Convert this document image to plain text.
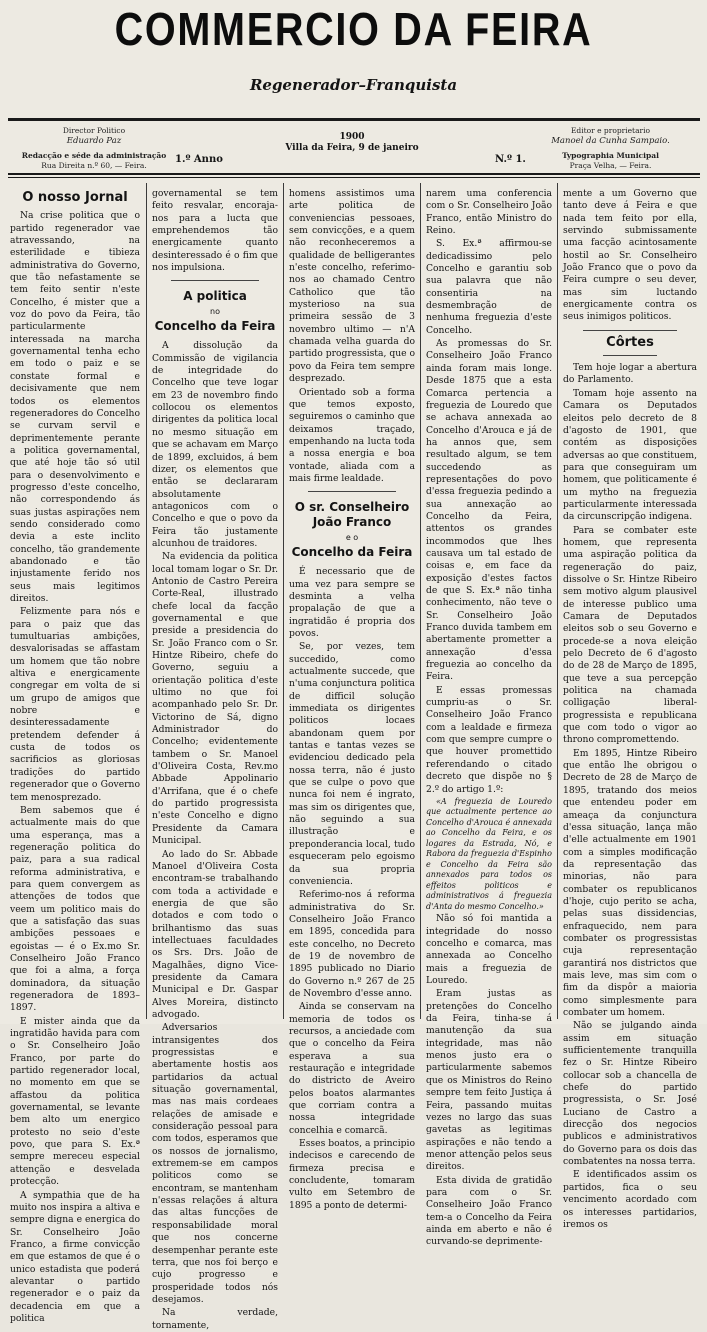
COMMERCIO DA FEIRA
Regenerador–Franquista
Director Politico
Eduardo Paz
Redacção e séde da administração
Rua Direita n.º 60, — Feira.
1900
Villa da Feira, 9 de janeiro
1.º Anno	N.º 1.
Editor e proprietario
Manoel da Cunha Sampaio.
Typographia Municipal
Praça Velha, — Feira.
O nosso Jornal

Na crise politica que o partido regenerador vae atravessando, na esterilidade e tibieza administrativa do Governo, que tão nefastamente se tem feito sentir n'este Concelho, é mister que a voz do povo da Feira, tão particularmente interessada na marcha governamental tenha echo em todo o paiz e se constate formal e decisivamente que nem todos os elementos regeneradores do Concelho se curvam servil e deprimentemente perante a politica governamental, que até hoje tão só util para o desenvolvimento e progresso d'este concelho, não correspondendo ás suas justas aspirações nem sendo considerado como devia a este inclito concelho, tão grandemente abandonado e tão injustamente ferido nos seus mais legitimos direitos.

Felizmente para nós e para o paiz que das tumultuarias ambições, desvalorisadas se affastam um homem que tão nobre altiva e energicamente congregar em volta de si um grupo de amigos que nobre e desinteressadamente pretendem defender á custa de todos os sacrificios as gloriosas tradições do partido regenerador que o Governo tem menosprezado.

Bem sabemos que é actualmente mais do que uma esperança, mas a regeneração politica do paiz, para a sua radical reforma administrativa, e para quem convergem as attenções de todos que veem um politico mais do que a satisfação das suas ambições pessoaes e egoistas — é o Ex.mo Sr. Conselheiro João Franco que foi a alma, a força dominadora, da situação regeneradora de 1893–1897.

E mister ainda que da ingratidão havida para com o Sr. Conselheiro João Franco, por parte do partido regenerador local, no momento em que se affastou da politica governamental, se levante bem alto um energico protesto no seio d'este povo, que para S. Ex.ª sempre mereceu especial attenção e desvelada protecção.

A sympathia que de ha muito nos inspira a altiva e sempre digna e energica do Sr. Conselheiro João Franco, a firme convicção em que estamos de que é o unico estadista que poderá alevantar o partido regenerador e o paiz da decadencia em que a politica

governamental se tem feito resvalar, encoraja-nos para a lucta que emprehendemos tão energicamente quanto desinteressado é o fim que nos impulsiona.

A politica
no
Concelho da Feira

A dissolução da Commissão de vigilancia de integridade do Concelho que teve logar em 23 de novembro findo collocou os elementos dirigentes da politica local no mesmo situação em que se achavam em Março de 1899, excluidos, á bem dizer, os elementos que então se declararam absolutamente antagonicos com o Concelho e que o povo da Feira tão justamente alcunhou de traidores.

Na evidencia da politica local tomam logar o Sr. Dr. Antonio de Castro Pereira Corte-Real, illustrado chefe local da facção governamental e que preside a presidencia do Sr. João Franco com o Sr. Hintze Ribeiro, chefe do Governo, seguiu a orientação politica d'este ultimo no que foi acompanhado pelo Sr. Dr. Victorino de Sá, digno Administrador do Concelho; evidentemente tambem o Sr. Manoel d'Oliveira Costa, Rev.mo Abbade Appolinario d'Arrifana, que é o chefe do partido progressista n'este Concelho e digno Presidente da Camara Municipal.

Ao lado do Sr. Abbade Manoel d'Oliveira Costa encontram-se trabalhando com toda a actividade e energia de que são dotados e com todo o brilhantismo das suas intellectuaes faculdades os Srs. Drs. João de Magalhães, digno Vice-presidente da Camara Municipal e Dr. Gaspar Alves Moreira, distincto advogado.

Adversarios intransigentes dos progressistas e abertamente hostis aos partidarios da actual situação governamental, mas nas mais cordeaes relações de amisade e consideração pessoal para com todos, esperamos que os nossos de jornalismo, extremem-se em campos politicos como se encontram, se mantenham n'essas relações á altura das altas funcções de responsabilidade moral que nos concerne desempenhar perante este terra, que nos foi berço e cujo progresso e prosperidade todos nós desejamos.

Na verdade, tornamente,

homens assistimos uma arte politica de conveniencias pessoaes, sem convicções, e a quem não reconheceremos a qualidade de belligerantes n'este concelho, referimo-nos ao chamado Centro Catholico que tão mysterioso na sua primeira sessão de 3 novembro ultimo — n'A chamada velha guarda do partido progressista, que o povo da Feira tem sempre desprezado.

Orientado sob a forma que temos exposto, seguiremos o caminho que deixamos traçado, empenhando na lucta toda a nossa energia e boa vontade, aliada com a mais firme lealdade.

O sr. Conselheiro
João Franco
e o
Concelho da Feira

É necessario que de uma vez para sempre se desminta a velha propalação de que a ingratidão é propria dos povos.

Se, por vezes, tem succedido, como actualmente succede, que n'uma conjunctura politica de difficil solução immediata os dirigentes politicos locaes abandonam quem por tantas e tantas vezes se evidenciou dedicado pela nossa terra, não é justo que se culpe o povo que nunca foi nem é ingrato, mas sim os dirigentes que, não seguindo a sua illustração e preponderancia local, tudo esqueceram pelo egoismo da sua propria conveniencia.

Referimo-nos á reforma administrativa do Sr. Conselheiro João Franco em 1895, concedida para este concelho, no Decreto de 19 de novembro de 1895 publicado no Diario do Governo n.º 267 de 25 de Novembro d'esse anno.

Ainda se conservam na memoria de todos os recursos, a anciedade com que o concelho da Feira esperava a sua restauração e integridade do districto de Aveiro pelos boatos alarmantes que corriam contra a nossa integridade concelhia e comarcã.

Esses boatos, a principio indecisos e carecendo de firmeza precisa e concludente, tomaram vulto em Setembro de 1895 a ponto de determi-

narem uma conferencia com o Sr. Conselheiro João Franco, então Ministro do Reino.

S. Ex.ª affirmou-se dedicadissimo pelo Concelho e garantiu sob sua palavra que não consentiria na desmembração de nenhuma freguezia d'este Concelho.

As promessas do Sr. Conselheiro João Franco ainda foram mais longe. Desde 1875 que a esta Comarca pertencia a freguezia de Louredo que se achava annexada ao Concelho d'Arouca e já de ha annos que, sem resultado algum, se tem succedendo as representações do povo d'essa freguezia pedindo a sua annexação ao Concelho da Feira, attentos os grandes incommodos que lhes causava um tal estado de coisas e, em face da exposição d'estes factos de que S. Ex.ª não tinha conhecimento, não teve o Sr. Conselheiro João Franco duvida tambem em abertamente prometter a annexação d'essa freguezia ao concelho da Feira.

E essas promessas cumpriu-as o Sr. Conselheiro João Franco com a lealdade e firmeza com que sempre cumpre o que houver promettido referendando o citado decreto que dispõe no § 2.º do artigo 1.º:

«A freguezia de Louredo que actualmente pertence ao Concelho d'Arouca é annexada ao Concelho da Feira, e os logares da Estrada, Nó, e Rabora da freguezia d'Espinho e Concelho da Feira são annexados para todos os effeitos politicos e administrativos á freguezia d'Anta do mesmo Concelho.»

Não só foi mantida a integridade do nosso concelho e comarca, mas annexada ao Concelho mais a freguezia de Louredo.

Eram justas as pretenções do Concelho da Feira, tinha-se á manutenção da sua integridade, mas não menos justo era o particularmente sabemos que os Ministros do Reino sempre tem feito Justiça á Feira, passando muitas vezes no largo das suas gavetas as legitimas aspirações e não tendo a menor attenção pelos seus direitos.

Esta divida de gratidão para com o Sr. Conselheiro João Franco tem-a o Concelho da Feira ainda em aberto e não é curvando-se deprimente-

mente a um Governo que tanto deve á Feira e que nada tem feito por ella, servindo submissamente uma facção acintosamente hostil ao Sr. Conselheiro João Franco que o povo da Feira cumpre o seu dever, mas sim luctando energicamente contra os seus inimigos politicos.

Côrtes

Tem hoje logar a abertura do Parlamento.

Tomam hoje assento na Camara os Deputados eleitos pelo decreto de 8 d'agosto de 1901, que contém as disposições adversas ao que constituem, para que conseguiram um homem, que politicamente é um mytho na freguezia particularmente interessada da circunscripção indigena.

Para se combater este homem, que representa uma aspiração politica da regeneração do paiz, dissolve o Sr. Hintze Ribeiro sem motivo algum plausivel de interesse publico uma Camara de Deputados eleitos sob o seu Governo e procede-se a nova eleição pelo Decreto de 6 d'agosto do de 28 de Março de 1895, que teve a sua percepção politica na chamada colligação liberal-progressista e republicana que com todo o vigor ao throno compromettendo.

Em 1895, Hintze Ribeiro que então lhe obrigou o Decreto de 28 de Março de 1895, tratando dos meios que entendeu poder em ameaça da conjunctura d'essa situação, lança mão d'elle actualmente em 1901 com a simples modificação da representação das minorias, não para combater os republicanos d'hoje, cujo perito se acha, pelas suas dissidencias, enfraquecido, nem para combater os progressistas cuja representação garantirá nos districtos que mais leve, mas sim com o fim da dispôr a maioria como simplesmente para combater um homem.

Não se julgando ainda assim em situação sufficientemente tranquilla fez o Sr. Hintze Ribeiro collocar sob a chancella de chefe do partido progressista, o Sr. José Luciano de Castro a direcção dos negocios publicos e administrativos do Governo para os dois das combatentes na nossa terra.

E identificados assim os partidos, fica o seu vencimento acordado com os interesses partidarios, iremos os
